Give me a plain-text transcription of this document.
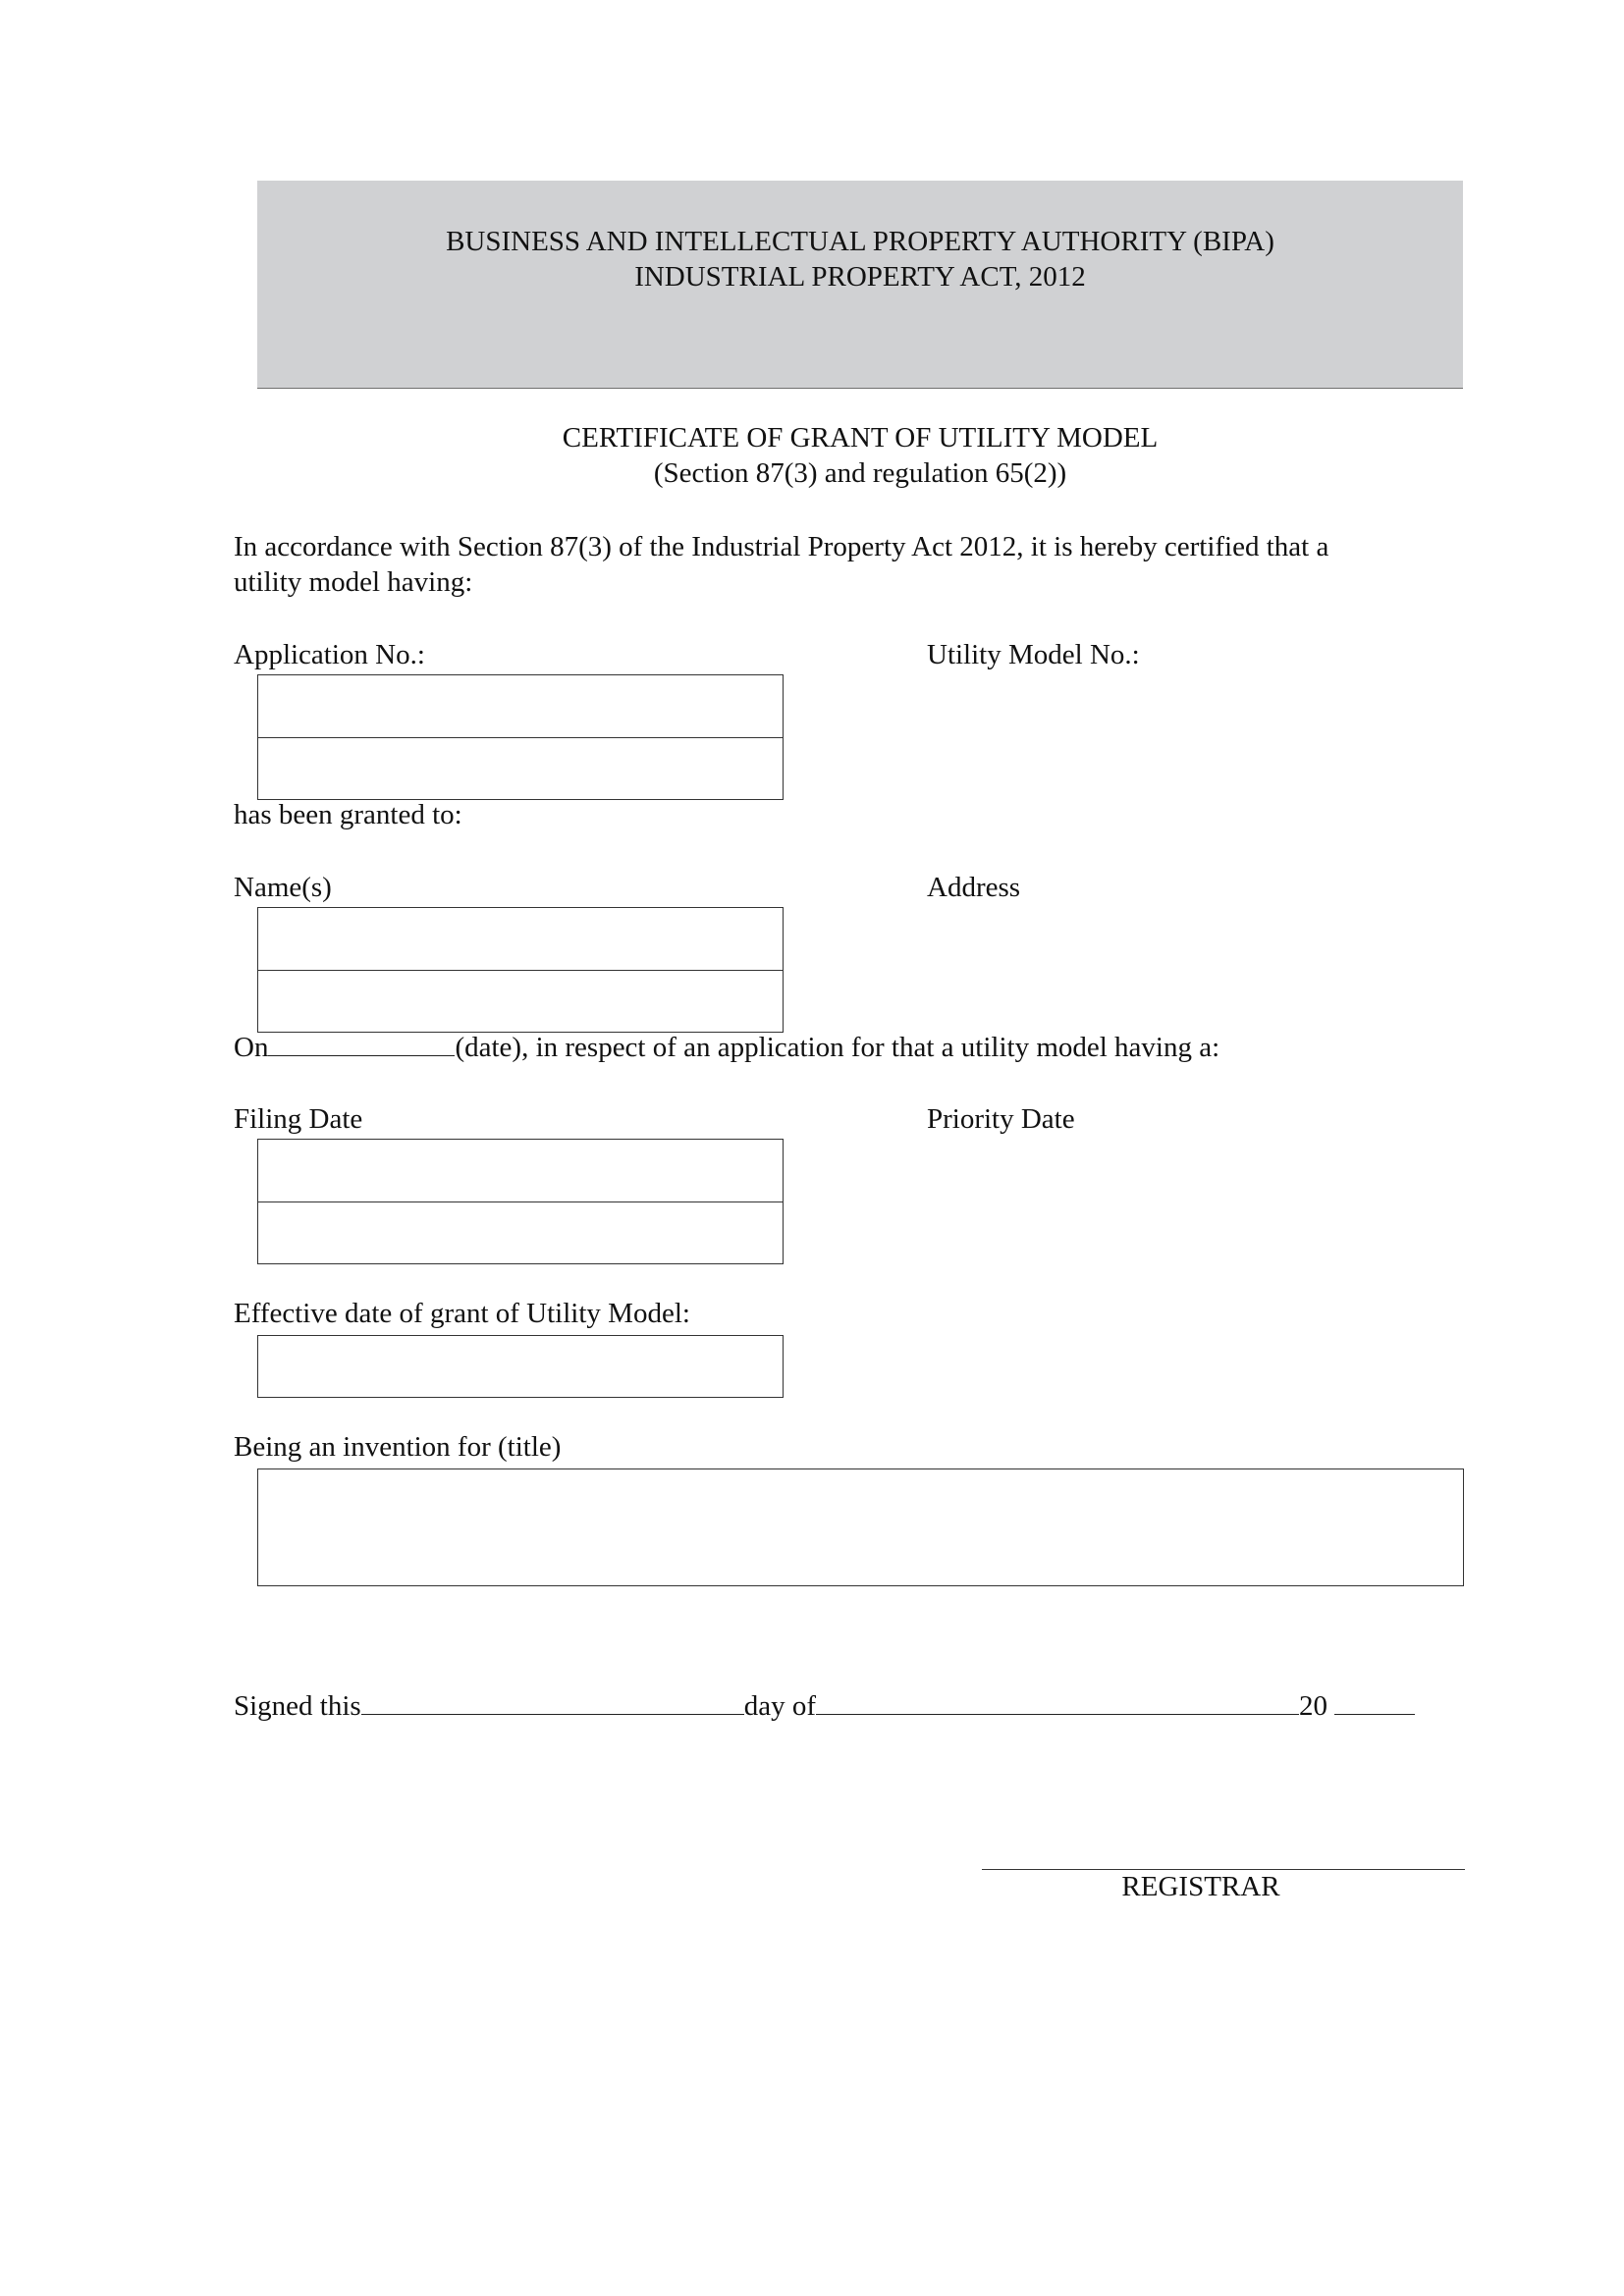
BUSINESS AND INTELLECTUAL PROPERTY AUTHORITY (BIPA)
INDUSTRIAL PROPERTY ACT, 2012
CERTIFICATE OF GRANT OF UTILITY MODEL
(Section 87(3) and regulation 65(2))
In accordance with Section 87(3) of the Industrial Property Act 2012, it is hereby certified that a
utility model having:
Application No.:	Utility Model No.:
has been granted to:
Name(s)	Address
On	(date), in respect of an application for that a utility model having a:
Filing Date	Priority Date
Effective date of grant of Utility Model:
Being an invention for (title)
Signed this	day of	20
REGISTRAR
